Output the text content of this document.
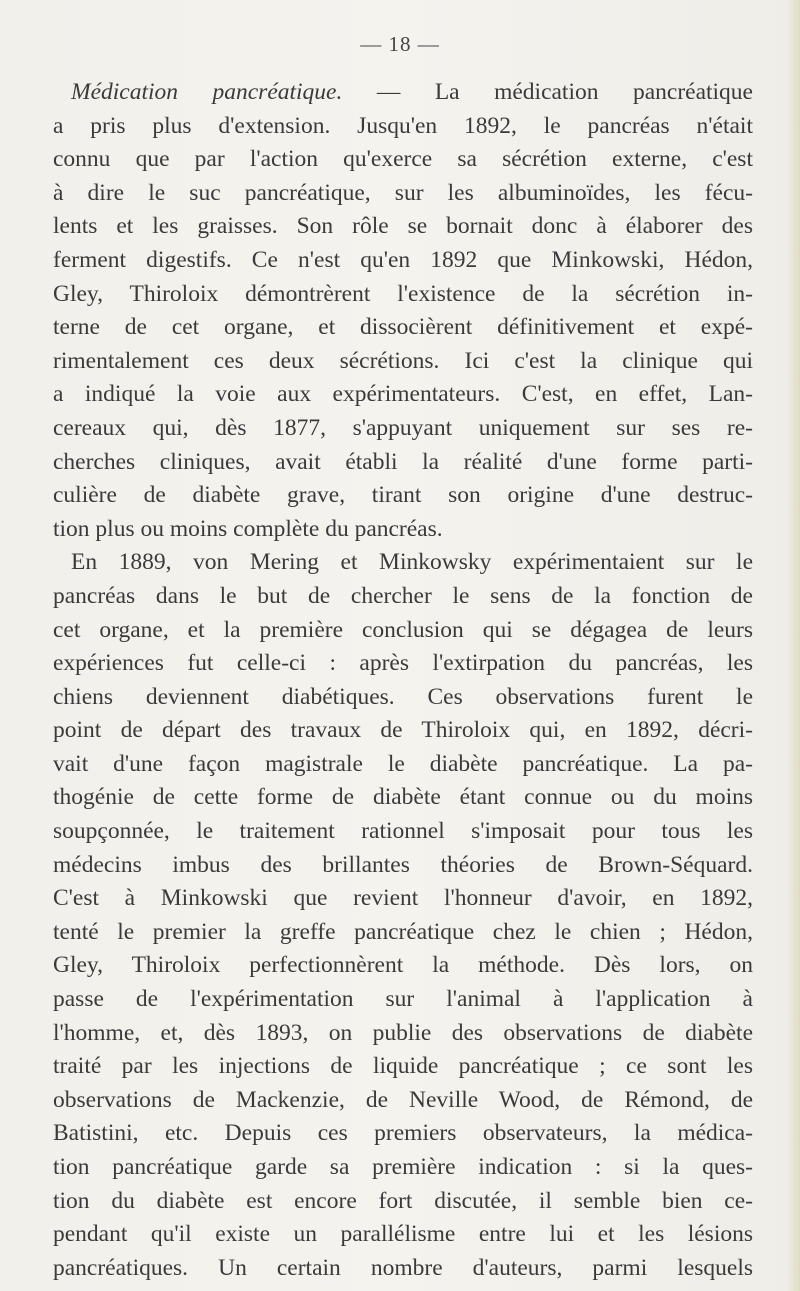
— 18 —
Médication pancréatique. — La médication pancréatique
a pris plus d'extension. Jusqu'en 1892, le pancréas n'était
connu que par l'action qu'exerce sa sécrétion externe, c'est
à dire le suc pancréatique, sur les albuminoïdes, les fécu-
lents et les graisses. Son rôle se bornait donc à élaborer des
ferment digestifs. Ce n'est qu'en 1892 que Minkowski, Hédon,
Gley, Thiroloix démontrèrent l'existence de la sécrétion in-
terne de cet organe, et dissocièrent définitivement et expé-
rimentalement ces deux sécrétions. Ici c'est la clinique qui
a indiqué la voie aux expérimentateurs. C'est, en effet, Lan-
cereaux qui, dès 1877, s'appuyant uniquement sur ses re-
cherches cliniques, avait établi la réalité d'une forme parti-
culière de diabète grave, tirant son origine d'une destruc-
tion plus ou moins complète du pancréas.
En 1889, von Mering et Minkowsky expérimentaient sur le
pancréas dans le but de chercher le sens de la fonction de
cet organe, et la première conclusion qui se dégagea de leurs
expériences fut celle-ci : après l'extirpation du pancréas, les
chiens deviennent diabétiques. Ces observations furent le
point de départ des travaux de Thiroloix qui, en 1892, décri-
vait d'une façon magistrale le diabète pancréatique. La pa-
thogénie de cette forme de diabète étant connue ou du moins
soupçonnée, le traitement rationnel s'imposait pour tous les
médecins imbus des brillantes théories de Brown-Séquard.
C'est à Minkowski que revient l'honneur d'avoir, en 1892,
tenté le premier la greffe pancréatique chez le chien ; Hédon,
Gley, Thiroloix perfectionnèrent la méthode. Dès lors, on
passe de l'expérimentation sur l'animal à l'application à
l'homme, et, dès 1893, on publie des observations de diabète
traité par les injections de liquide pancréatique ; ce sont les
observations de Mackenzie, de Neville Wood, de Rémond, de
Batistini, etc. Depuis ces premiers observateurs, la médica-
tion pancréatique garde sa première indication : si la ques-
tion du diabète est encore fort discutée, il semble bien ce-
pendant qu'il existe un parallélisme entre lui et les lésions
pancréatiques. Un certain nombre d'auteurs, parmi lesquels
